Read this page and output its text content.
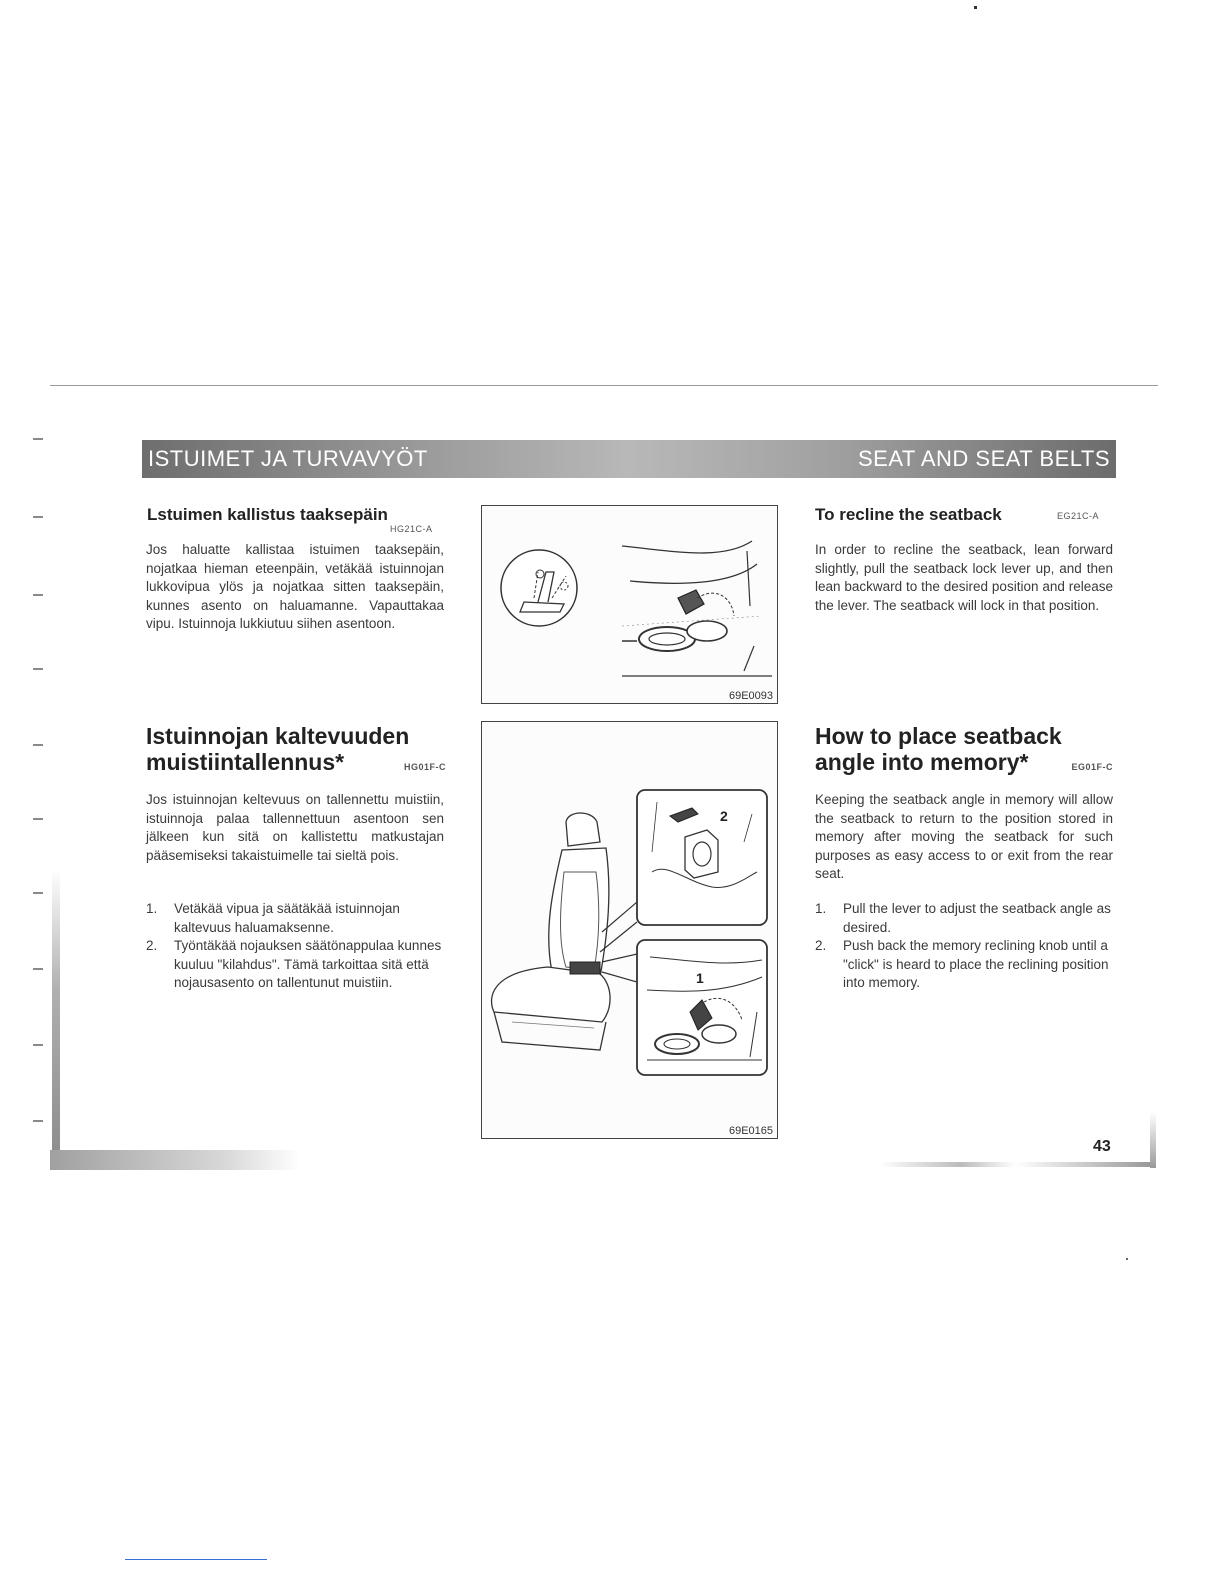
ISTUIMET JA TURVAVYÖT	SEAT AND SEAT BELTS
Lstuimen kallistus taaksepäin
HG21C-A
Jos haluatte kallistaa istuimen taaksepäin, nojatkaa hieman eteenpäin, vetäkää istuinnojan lukkovipua ylös ja nojatkaa sitten taaksepäin, kunnes asento on haluamanne. Vapauttakaa vipu. Istuinnoja lukkiutuu siihen asentoon.
Istuinnojan kaltevuuden
muistiintallennus*	HG01F-C
Jos istuinnojan keltevuus on tallennettu muistiin, istuinnoja palaa tallennettuun asentoon sen jälkeen kun sitä on kallistettu matkustajan pääsemiseksi takaistuimelle tai sieltä pois.
1.	Vetäkää vipua ja säätäkää istuinnojan kaltevuus haluamaksenne.
2.	Työntäkää nojauksen säätönappulaa kunnes kuuluu "kilahdus". Tämä tarkoittaa sitä että nojausasento on tallentunut muistiin.
69E0093
2
1
69E0165
To recline the seatback	EG21C-A
In order to recline the seatback, lean forward slightly, pull the seatback lock lever up, and then lean backward to the desired position and release the lever. The seatback will lock in that position.
How to place seatback
angle into memory*	EG01F-C
Keeping the seatback angle in memory will allow the seatback to return to the position stored in memory after moving the seatback for such purposes as easy access to or exit from the rear seat.
1.	Pull the lever to adjust the seatback angle as desired.
2.	Push back the memory reclining knob until a "click" is heard to place the reclining position into memory.
43
